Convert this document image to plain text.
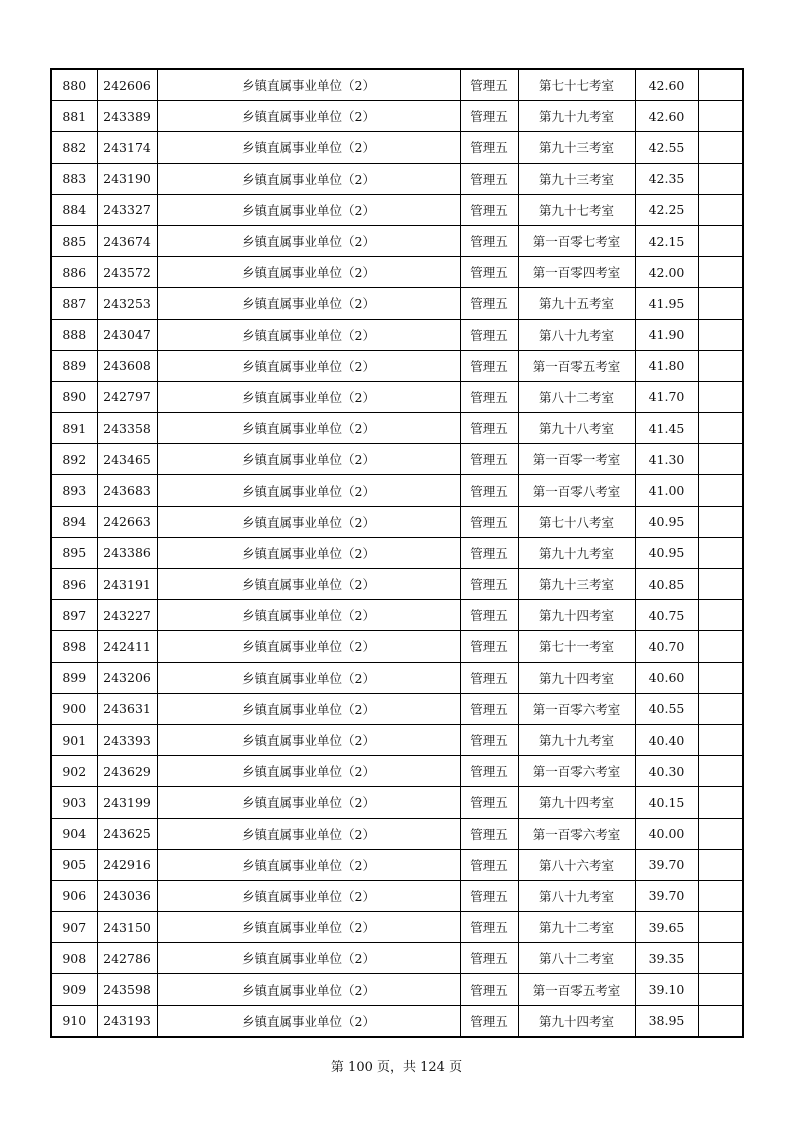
880	242606	乡镇直属事业单位（2）	管理五	第七十七考室	42.60	
881	243389	乡镇直属事业单位（2）	管理五	第九十九考室	42.60	
882	243174	乡镇直属事业单位（2）	管理五	第九十三考室	42.55	
883	243190	乡镇直属事业单位（2）	管理五	第九十三考室	42.35	
884	243327	乡镇直属事业单位（2）	管理五	第九十七考室	42.25	
885	243674	乡镇直属事业单位（2）	管理五	第一百零七考室	42.15	
886	243572	乡镇直属事业单位（2）	管理五	第一百零四考室	42.00	
887	243253	乡镇直属事业单位（2）	管理五	第九十五考室	41.95	
888	243047	乡镇直属事业单位（2）	管理五	第八十九考室	41.90	
889	243608	乡镇直属事业单位（2）	管理五	第一百零五考室	41.80	
890	242797	乡镇直属事业单位（2）	管理五	第八十二考室	41.70	
891	243358	乡镇直属事业单位（2）	管理五	第九十八考室	41.45	
892	243465	乡镇直属事业单位（2）	管理五	第一百零一考室	41.30	
893	243683	乡镇直属事业单位（2）	管理五	第一百零八考室	41.00	
894	242663	乡镇直属事业单位（2）	管理五	第七十八考室	40.95	
895	243386	乡镇直属事业单位（2）	管理五	第九十九考室	40.95	
896	243191	乡镇直属事业单位（2）	管理五	第九十三考室	40.85	
897	243227	乡镇直属事业单位（2）	管理五	第九十四考室	40.75	
898	242411	乡镇直属事业单位（2）	管理五	第七十一考室	40.70	
899	243206	乡镇直属事业单位（2）	管理五	第九十四考室	40.60	
900	243631	乡镇直属事业单位（2）	管理五	第一百零六考室	40.55	
901	243393	乡镇直属事业单位（2）	管理五	第九十九考室	40.40	
902	243629	乡镇直属事业单位（2）	管理五	第一百零六考室	40.30	
903	243199	乡镇直属事业单位（2）	管理五	第九十四考室	40.15	
904	243625	乡镇直属事业单位（2）	管理五	第一百零六考室	40.00	
905	242916	乡镇直属事业单位（2）	管理五	第八十六考室	39.70	
906	243036	乡镇直属事业单位（2）	管理五	第八十九考室	39.70	
907	243150	乡镇直属事业单位（2）	管理五	第九十二考室	39.65	
908	242786	乡镇直属事业单位（2）	管理五	第八十二考室	39.35	
909	243598	乡镇直属事业单位（2）	管理五	第一百零五考室	39.10	
910	243193	乡镇直属事业单位（2）	管理五	第九十四考室	38.95	
第 100 页，共 124 页
